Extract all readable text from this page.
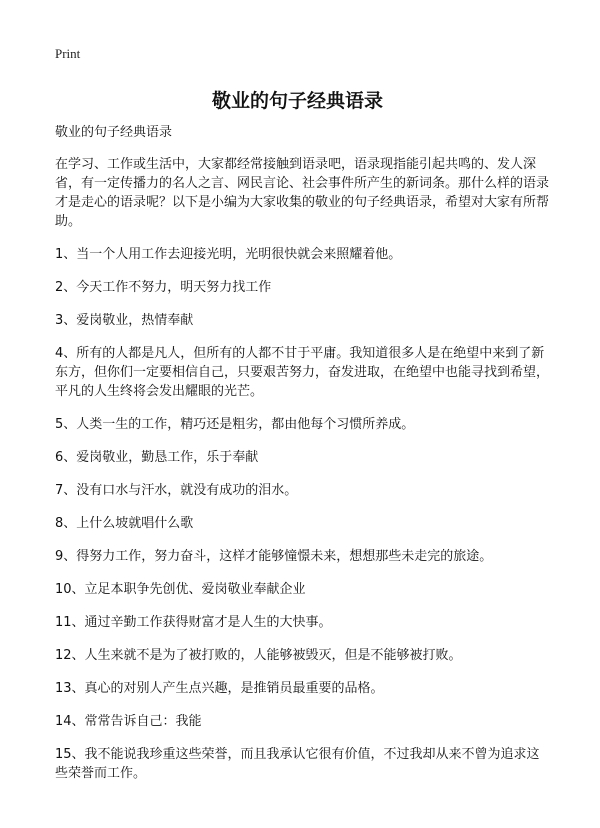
Print

敬业的句子经典语录

敬业的句子经典语录

在学习、工作或生活中，大家都经常接触到语录吧，语录现指能引起共鸣的、发人深省，有一定传播力的名人之言、网民言论、社会事件所产生的新词条。那什么样的语录才是走心的语录呢？以下是小编为大家收集的敬业的句子经典语录，希望对大家有所帮助。

1、当一个人用工作去迎接光明，光明很快就会来照耀着他。
2、今天工作不努力，明天努力找工作
3、爱岗敬业，热情奉献
4、所有的人都是凡人，但所有的人都不甘于平庸。我知道很多人是在绝望中来到了新东方，但你们一定要相信自己，只要艰苦努力，奋发进取，在绝望中也能寻找到希望，平凡的人生终将会发出耀眼的光芒。
5、人类一生的工作，精巧还是粗劣，都由他每个习惯所养成。
6、爱岗敬业，勤恳工作，乐于奉献
7、没有口水与汗水，就没有成功的泪水。
8、上什么坡就唱什么歌
9、得努力工作，努力奋斗，这样才能够憧憬未来，想想那些未走完的旅途。
10、立足本职争先创优、爱岗敬业奉献企业
11、通过辛勤工作获得财富才是人生的大快事。
12、人生来就不是为了被打败的，人能够被毁灭，但是不能够被打败。
13、真心的对别人产生点兴趣，是推销员最重要的品格。
14、常常告诉自己：我能
15、我不能说我珍重这些荣誉，而且我承认它很有价值，不过我却从来不曾为追求这些荣誉而工作。
